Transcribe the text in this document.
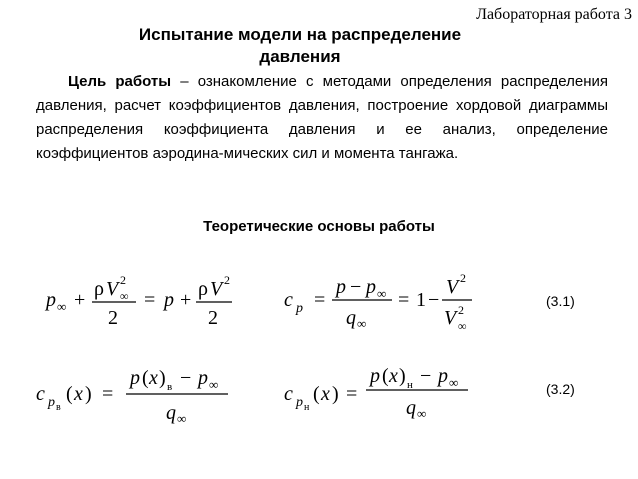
Лабораторная работа 3
Испытание модели на распределение
давления
Цель работы – ознакомление с методами определения распределения давления, расчет коэффициентов давления, построение хордовой диаграммы распределения коэффициента давления и ее анализ, определение коэффициентов аэродина-мических сил и момента тангажа.
Теоретические основы работы
p ∞ + ρ V 2
∞
2
= p + ρ V 2
2
c p =
p − p ∞
q ∞
= 1 −
V 2
V 2
∞
(3.1)
c p в
( x ) =
p ( x ) в − p ∞
q ∞
c p н
( x ) =
p ( x ) н − p ∞
q ∞
(3.2)
